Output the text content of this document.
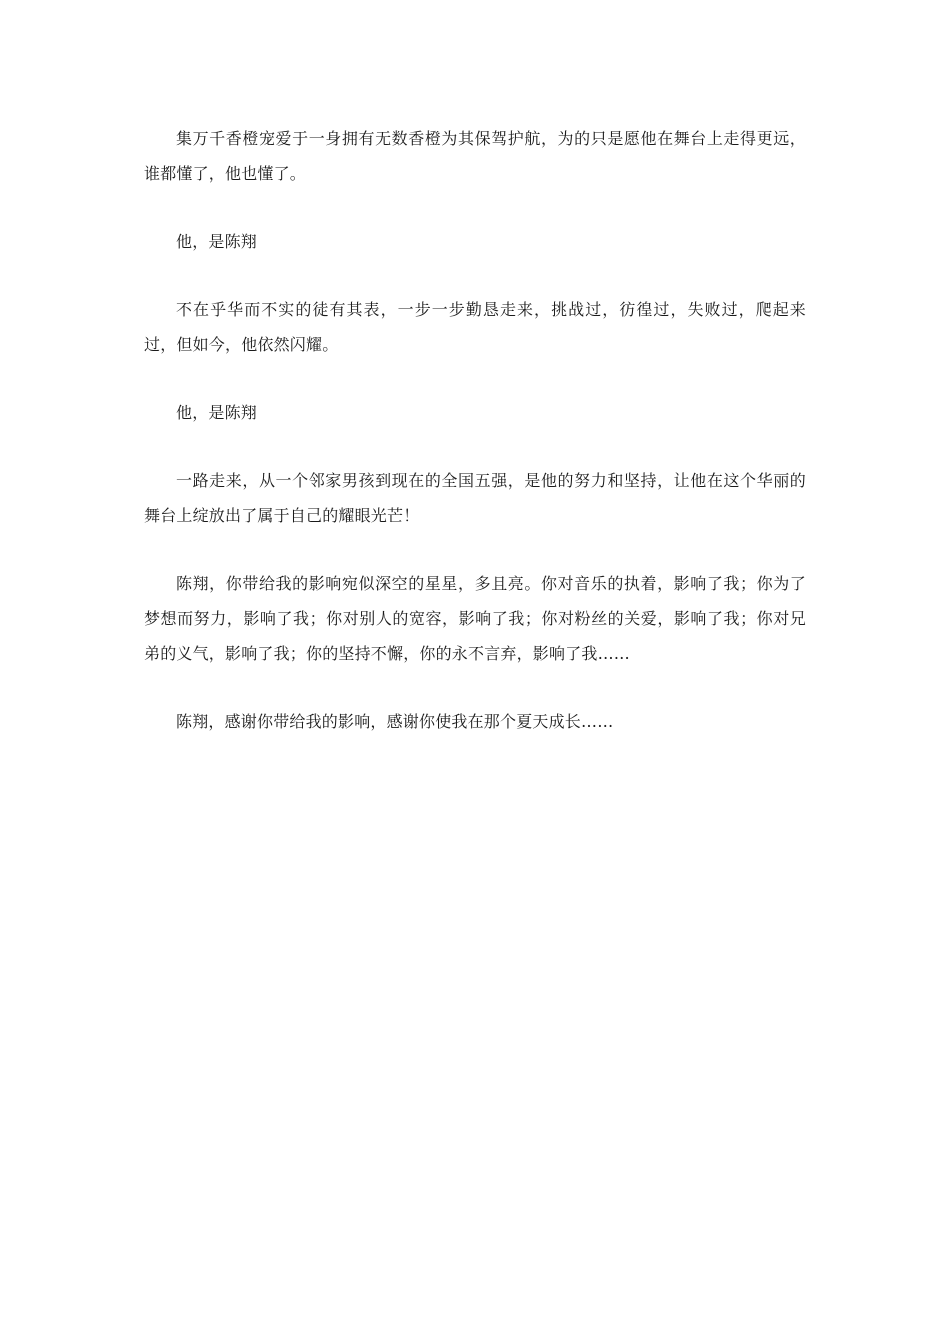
集万千香橙宠爱于一身拥有无数香橙为其保驾护航，为的只是愿他在舞台上走得更远，谁都懂了，他也懂了。

他，是陈翔

不在乎华而不实的徒有其表，一步一步勤恳走来，挑战过，彷徨过，失败过，爬起来过，但如今，他依然闪耀。

他，是陈翔

一路走来，从一个邻家男孩到现在的全国五强，是他的努力和坚持，让他在这个华丽的舞台上绽放出了属于自己的耀眼光芒！

陈翔，你带给我的影响宛似深空的星星，多且亮。你对音乐的执着，影响了我；你为了梦想而努力，影响了我；你对别人的宽容，影响了我；你对粉丝的关爱，影响了我；你对兄弟的义气，影响了我；你的坚持不懈，你的永不言弃，影响了我……

陈翔，感谢你带给我的影响，感谢你使我在那个夏天成长……
